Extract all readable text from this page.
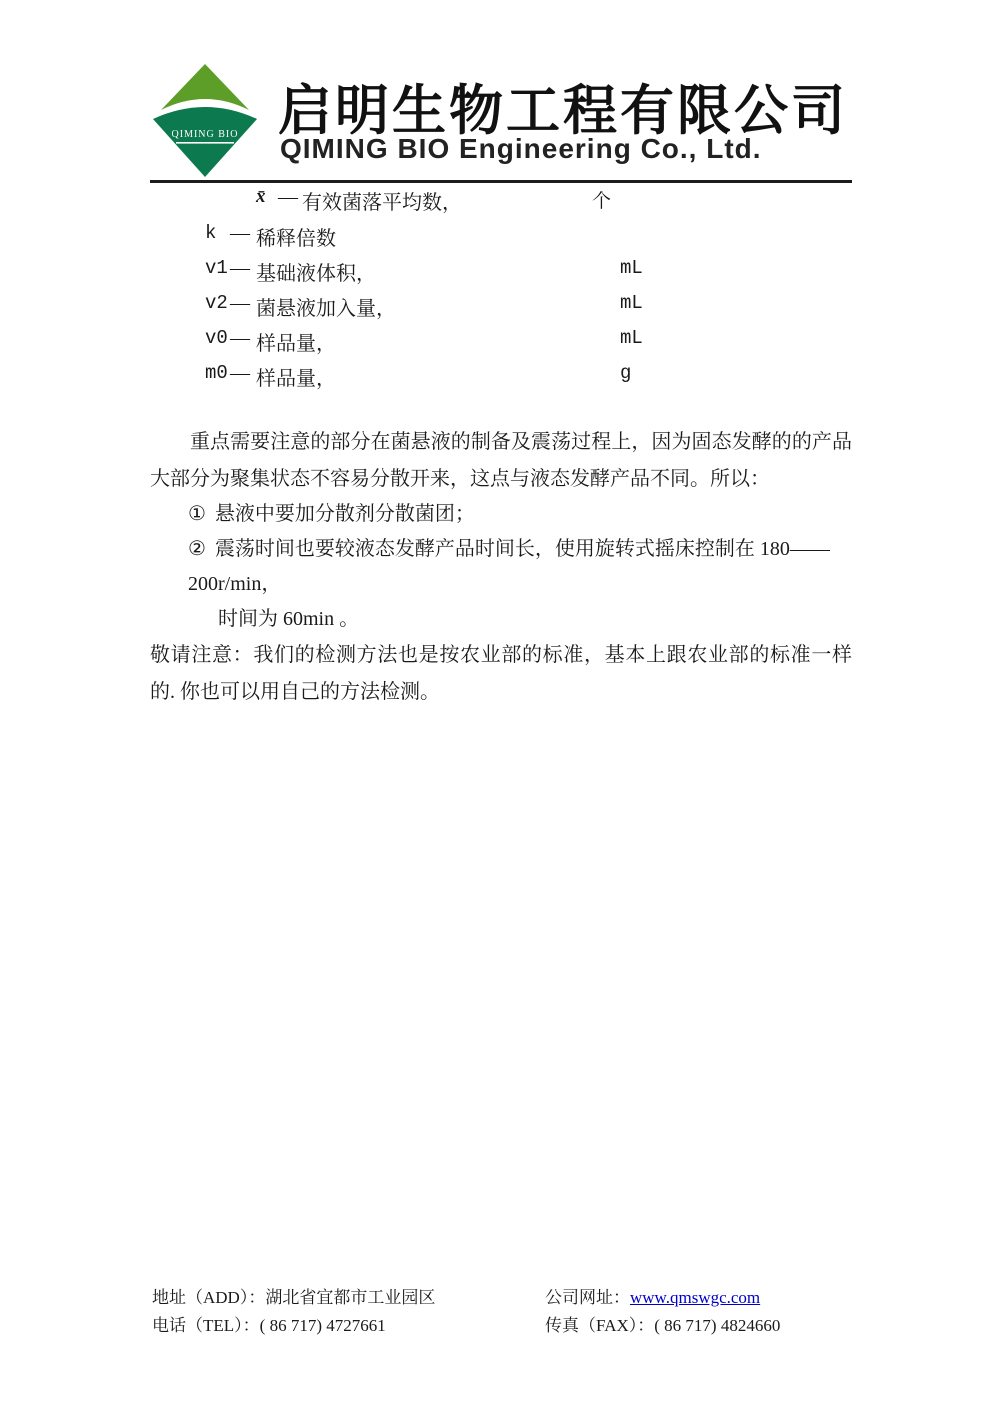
QIMING BIO 启明生物工程有限公司
QIMING BIO Engineering Co., Ltd.
x̄ — 有效菌落平均数，	个
k — 稀释倍数
v1 — 基础液体积，	mL
v2 — 菌悬液加入量，	mL
v0 — 样品量，	mL
m0 — 样品量，	g
重点需要注意的部分在菌悬液的制备及震荡过程上，因为固态发酵的的产品大部分为聚集状态不容易分散开来，这点与液态发酵产品不同。所以：
① 悬液中要加分散剂分散菌团；
② 震荡时间也要较液态发酵产品时间长，使用旋转式摇床控制在 180——200r/min，
时间为 60min 。
敬请注意：我们的检测方法也是按农业部的标准，基本上跟农业部的标准一样的. 你也可以用自己的方法检测。
地址（ADD）：湖北省宜都市工业园区
电话（TEL）：( 86 717) 4727661
公司网址：www.qmswgc.com
传真（FAX）：( 86 717) 4824660
